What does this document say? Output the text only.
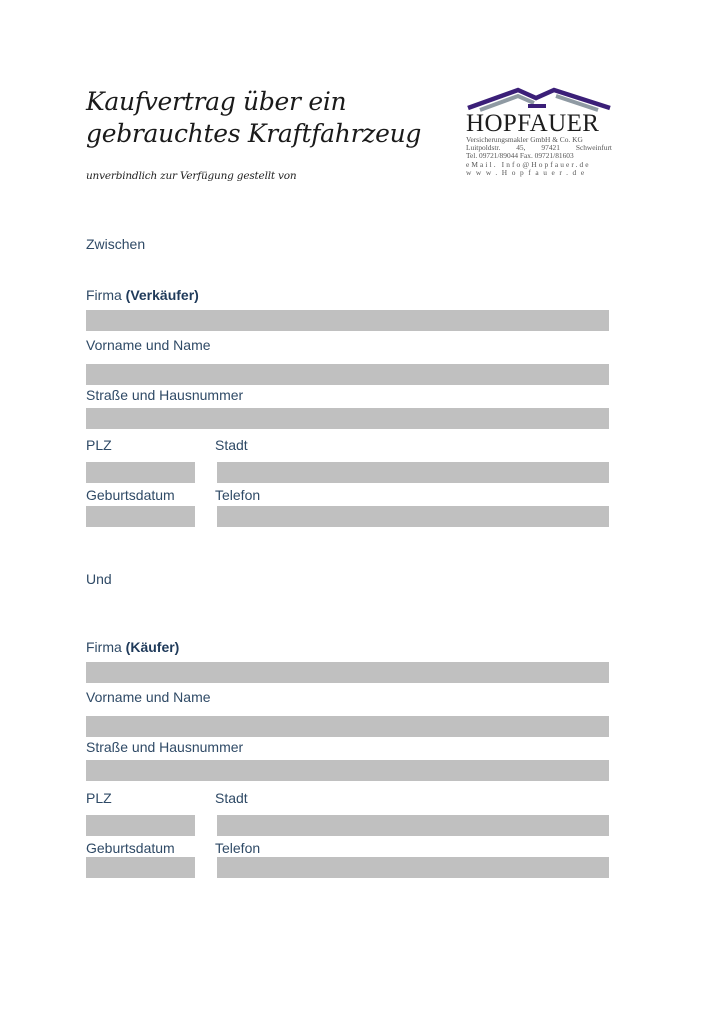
Kaufvertrag über ein
gebrauchtes Kraftfahrzeug
unverbindlich zur Verfügung gestellt von
HOPFAUER
Versicherungsmakler GmbH & Co. KG
Luitpoldstr. 45, 97421 Schweinfurt
Tel. 09721/89044 Fax. 09721/81603
eMail. Info@Hopfauer.de
www.Hopfauer.de
Zwischen
Firma (Verkäufer)
Vorname und Name
Straße und Hausnummer
PLZ	Stadt
Geburtsdatum	Telefon
Und
Firma (Käufer)
Vorname und Name
Straße und Hausnummer
PLZ	Stadt
Geburtsdatum	Telefon
